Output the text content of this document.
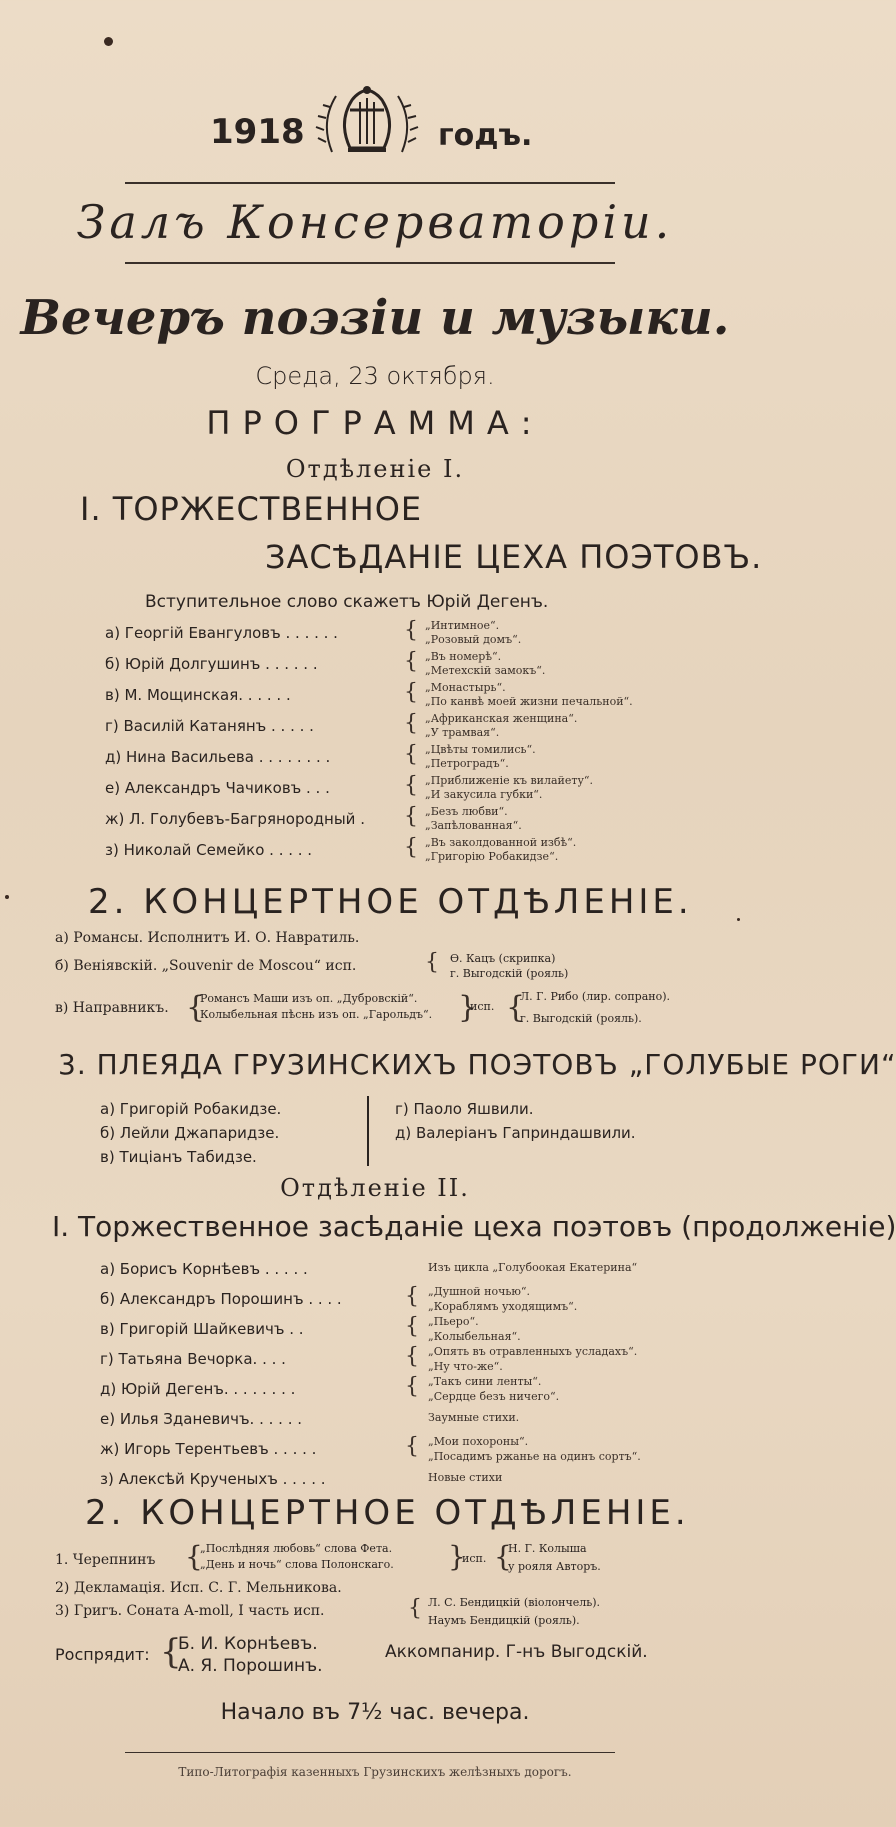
1918	годъ.
Залъ Консерваторіи.
Вечеръ поэзіи и музыки.
Среда, 23 октября.
ПРОГРАММА:
Отдѣленіе I.
I. ТОРЖЕСТВЕННОЕ
ЗАСѢДАНІЕ ЦЕХА ПОЭТОВЪ.
Вступительное слово скажетъ Юрій Дегенъ.
а) Георгій Евангуловъ . . . . . .	{ „Интимное“.
„Розовый домъ“.
б) Юрій Долгушинъ . . . . . .	{ „Въ номерѣ“.
„Метехскій замокъ“.
в) М. Мощинская. . . . . .	{ „Монастырь“.
„По канвѣ моей жизни печальной“.
г) Василій Катанянъ . . . . .	{ „Африканская женщина“.
„У трамвая“.
д) Нина Васильева . . . . . . . .	{ „Цвѣты томились“.
„Петроградъ“.
е) Александръ Чачиковъ . . .	{ „Приближеніе къ вилайету“.
„И закусила губки“.
ж) Л. Голубевъ-Багрянородный . { „Безъ любви“.
„Запѣлованная“.
з) Николай Семейко . . . . .	{ „Въ заколдованной избѣ“.
„Григорію Робакидзе“.
2. КОНЦЕРТНОЕ ОТДѢЛЕНІЕ.
а) Романсы. Исполнитъ И. О. Навратиль.
б) Веніявскій. „Souvenir de Moscou“ исп.	{ Ѳ. Кацъ (скрипка)
г. Выгодскій (рояль)
в) Направникъ. {
Романсъ Маши изъ оп. „Дубровскій“.
Колыбельная пѣснь изъ оп. „Гарольдъ“. }
исп. {
Л. Г. Рибо (лир. сопрано).
г. Выгодскій (рояль).
3. ПЛЕЯДА ГРУЗИНСКИХЪ ПОЭТОВЪ „ГОЛУБЫЕ РОГИ“
а) Григорій Робакидзе.
б) Лейли Джапаридзе.
в) Тиціанъ Табидзе.
г) Паоло Яшвили.
д) Валеріанъ Гаприндашвили.
Отдѣленіе II.
I. Торжественное засѣданіе цеха поэтовъ (продолженіе)
а) Борисъ Корнѣевъ . . . . .	Изъ цикла „Голубоокая Екатерина“
б) Александръ Порошинъ . . . .	{ „Душной ночью“.
„Кораблямъ уходящимъ“.
в) Григорій Шайкевичъ . .	{ „Пьеро“.
„Колыбельная“.
г) Татьяна Вечорка. . . .	{ „Опять въ отравленныхъ усладахъ“.
„Ну что-же“.
д) Юрій Дегенъ. . . . . . . .	{ „Такъ сини ленты“.
„Сердце безъ ничего“.
е) Илья Зданевичъ. . . . . .	Заумные стихи.
ж) Игорь Терентьевъ . . . . .	{ „Мои похороны“.
„Посадимъ ржанье на одинъ сортъ“.
з) Алексѣй Крученыхъ . . . . .	Новые стихи
2. КОНЦЕРТНОЕ ОТДѢЛЕНІЕ.
1. Черепнинъ {
„Послѣдняя любовь“ слова Фета.
„День и ночь“ слова Полонскаго. }
исп. {
Н. Г. Колыша
у рояля Авторъ.
2) Декламація. Исп. С. Г. Мельникова.
3) Григъ. Соната A-moll, I часть исп.	{ Л. С. Бендицкій (віолончель).
Наумъ Бендицкій (рояль).
Роспрядит: {
Б. И. Корнѣевъ.
А. Я. Порошинъ.
Аккомпанир. Г-нъ Выгодскій.
Начало въ 7½ час. вечера.
Типо-Литографія казенныхъ Грузинскихъ желѣзныхъ дорогъ.
